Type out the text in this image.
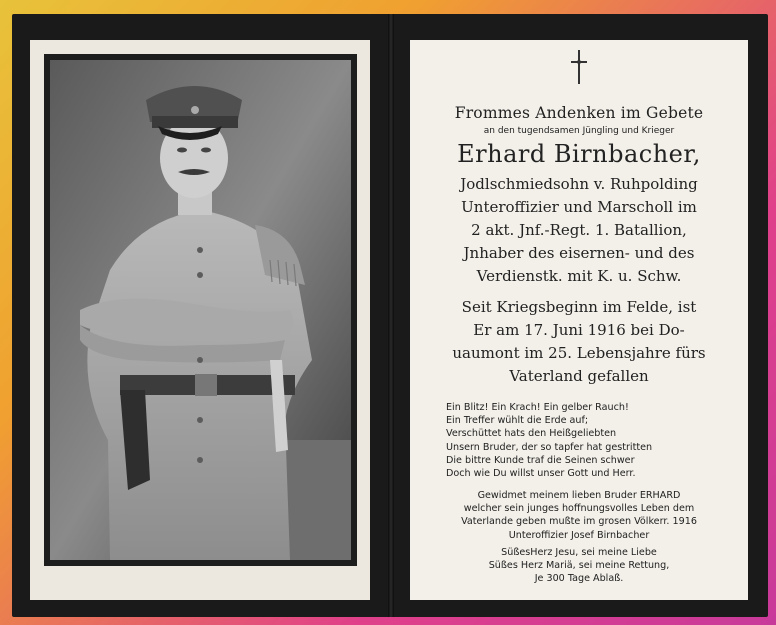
Frommes Andenken im Gebete
an den tugendsamen Jüngling und Krieger
Erhard Birnbacher,
Jodlschmiedsohn v. Ruhpolding
Unteroffizier und Marscholl im
2 akt. Jnf.-Regt. 1. Batallion,
Jnhaber des eisernen- und des
Verdienstk. mit K. u. Schw.
Seit Kriegsbeginn im Felde, ist
Er am 17. Juni 1916 bei Do-
uaumont im 25. Lebensjahre fürs
Vaterland gefallen
Ein Blitz! Ein Krach! Ein gelber Rauch!
Ein Treffer wühlt die Erde auf;
Verschüttet hats den Heißgeliebten
Unsern Bruder, der so tapfer hat gestritten
Die bittre Kunde traf die Seinen schwer
Doch wie Du willst unser Gott und Herr.
Gewidmet meinem lieben Bruder ERHARD
welcher sein junges hoffnungsvolles Leben dem
Vaterlande geben mußte im grosen Völkerr. 1916
Unteroffizier Josef Birnbacher
SüßesHerz Jesu, sei meine Liebe
Süßes Herz Mariä, sei meine Rettung,
Je 300 Tage Ablaß.
